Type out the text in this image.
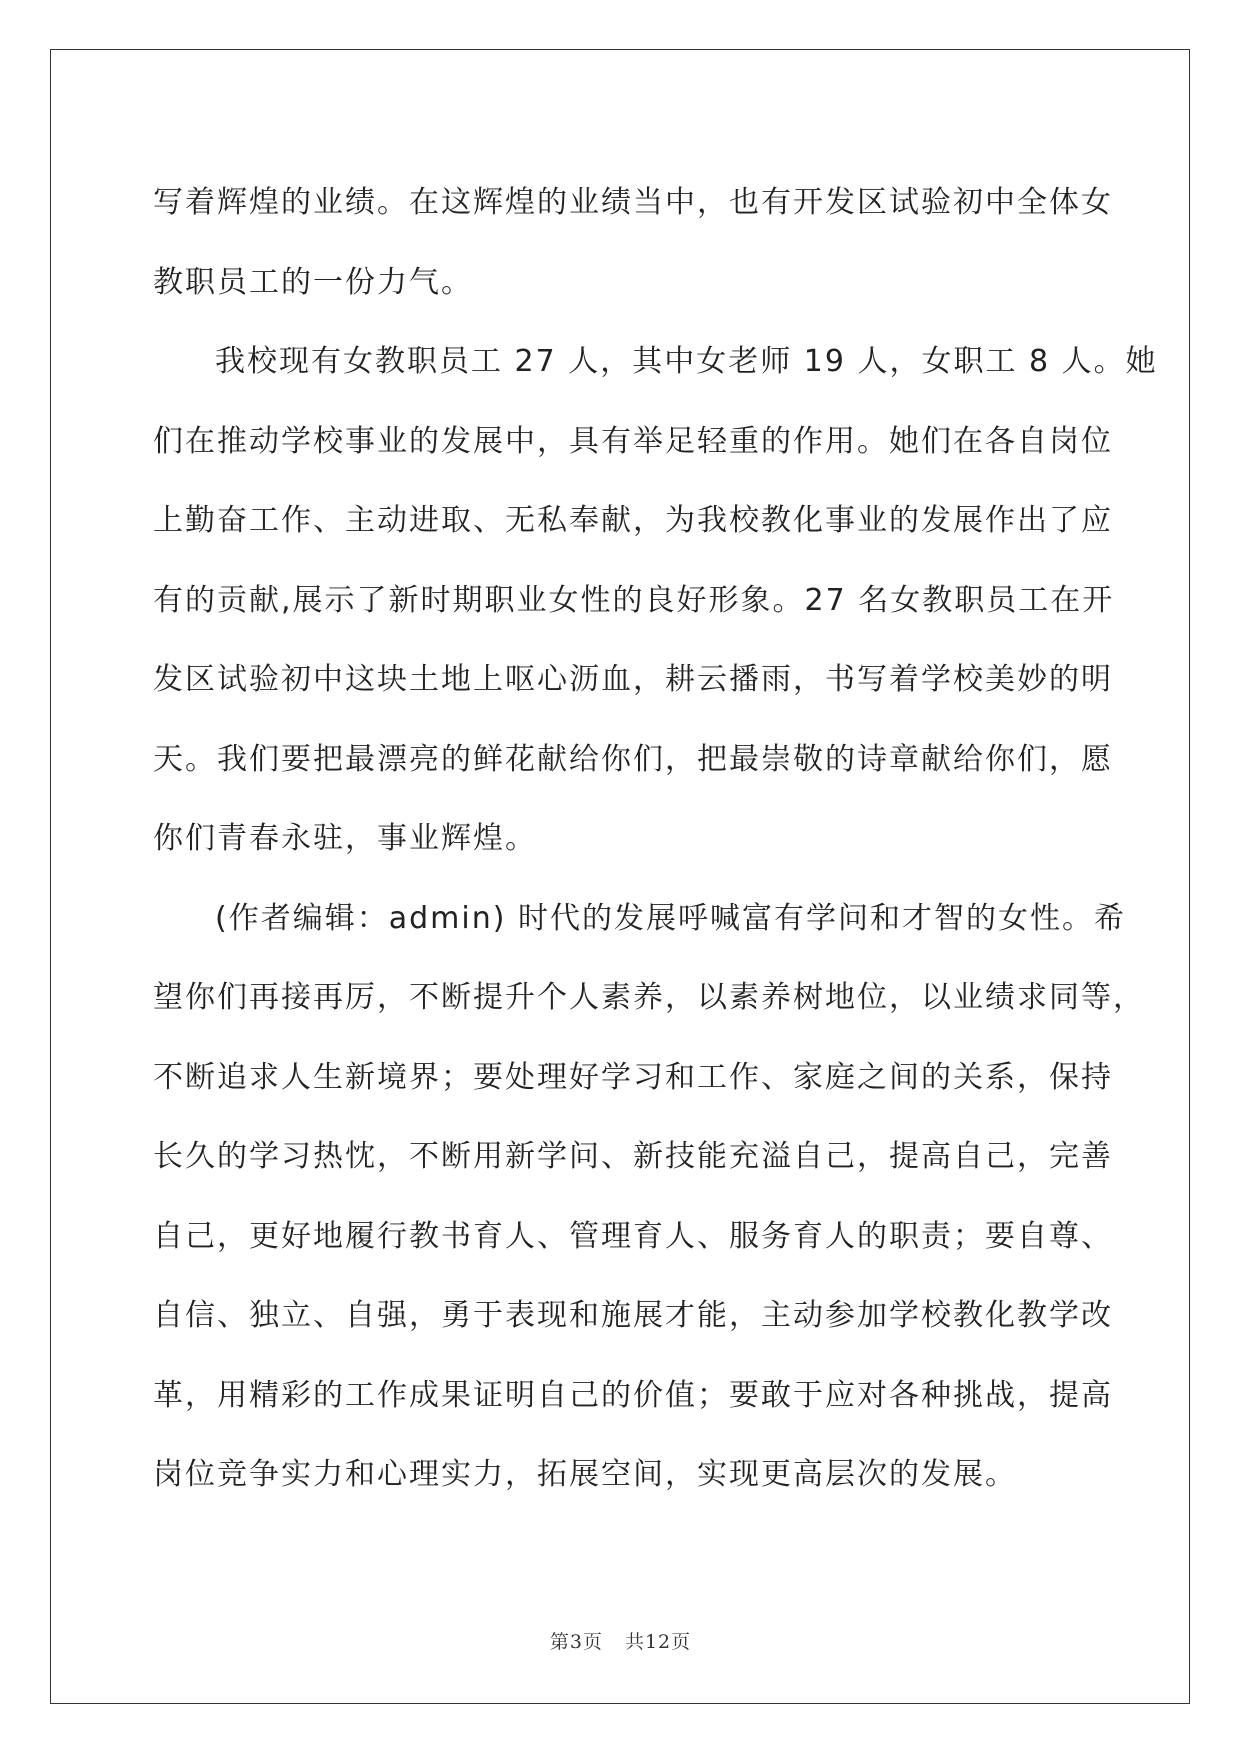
写着辉煌的业绩。在这辉煌的业绩当中，也有开发区试验初中全体女
教职员工的一份力气。
我校现有女教职员工 27 人，其中女老师 19 人，女职工 8 人。她
们在推动学校事业的发展中，具有举足轻重的作用。她们在各自岗位
上勤奋工作、主动进取、无私奉献，为我校教化事业的发展作出了应
有的贡献,展示了新时期职业女性的良好形象。27 名女教职员工在开
发区试验初中这块土地上呕心沥血，耕云播雨，书写着学校美妙的明
天。我们要把最漂亮的鲜花献给你们，把最崇敬的诗章献给你们，愿
你们青春永驻，事业辉煌。
(作者编辑：admin) 时代的发展呼喊富有学问和才智的女性。希
望你们再接再厉，不断提升个人素养，以素养树地位，以业绩求同等，
不断追求人生新境界；要处理好学习和工作、家庭之间的关系，保持
长久的学习热忱，不断用新学问、新技能充溢自己，提高自己，完善
自己，更好地履行教书育人、管理育人、服务育人的职责；要自尊、
自信、独立、自强，勇于表现和施展才能，主动参加学校教化教学改
革，用精彩的工作成果证明自己的价值；要敢于应对各种挑战，提高
岗位竞争实力和心理实力，拓展空间，实现更高层次的发展。
第3页 共12页
